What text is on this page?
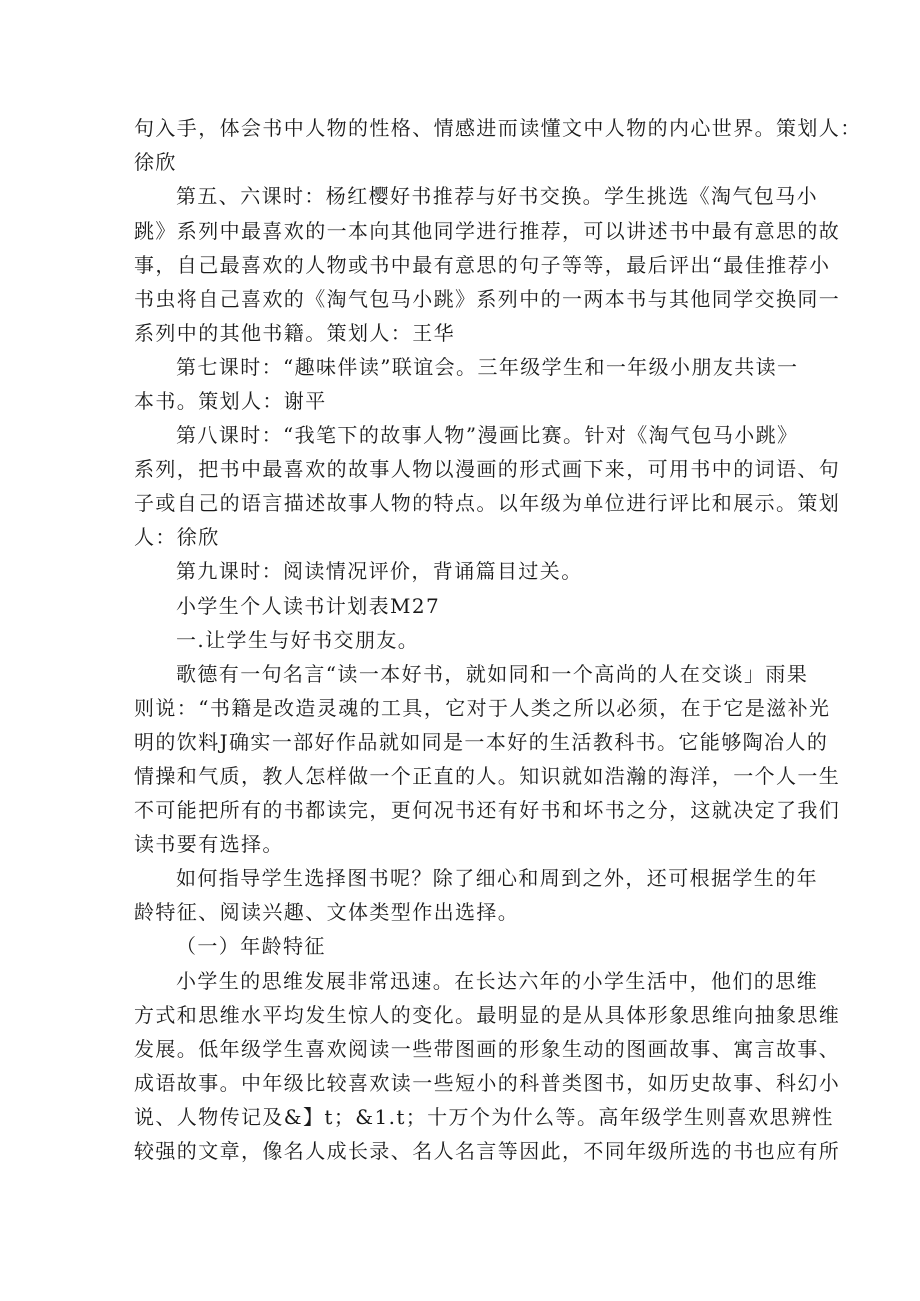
句入手，体会书中人物的性格、情感进而读懂文中人物的内心世界。策划人：
徐欣
第五、六课时：杨红樱好书推荐与好书交换。学生挑选《淘气包马小
跳》系列中最喜欢的一本向其他同学进行推荐，可以讲述书中最有意思的故
事，自己最喜欢的人物或书中最有意思的句子等等，最后评出“最佳推荐小
书虫将自己喜欢的《淘气包马小跳》系列中的一两本书与其他同学交换同一
系列中的其他书籍。策划人：王华
第七课时：“趣味伴读”联谊会。三年级学生和一年级小朋友共读一
本书。策划人：谢平
第八课时：“我笔下的故事人物”漫画比赛。针对《淘气包马小跳》
系列，把书中最喜欢的故事人物以漫画的形式画下来，可用书中的词语、句
子或自己的语言描述故事人物的特点。以年级为单位进行评比和展示。策划
人：徐欣
第九课时：阅读情况评价，背诵篇目过关。
小学生个人读书计划表M27
一.让学生与好书交朋友。
歌德有一句名言“读一本好书，就如同和一个高尚的人在交谈」雨果
则说：“书籍是改造灵魂的工具，它对于人类之所以必须，在于它是滋补光
明的饮料J确实一部好作品就如同是一本好的生活教科书。它能够陶冶人的
情操和气质，教人怎样做一个正直的人。知识就如浩瀚的海洋，一个人一生
不可能把所有的书都读完，更何况书还有好书和坏书之分，这就决定了我们
读书要有选择。
如何指导学生选择图书呢？除了细心和周到之外，还可根据学生的年
龄特征、阅读兴趣、文体类型作出选择。
（一）年龄特征
小学生的思维发展非常迅速。在长达六年的小学生活中，他们的思维
方式和思维水平均发生惊人的变化。最明显的是从具体形象思维向抽象思维
发展。低年级学生喜欢阅读一些带图画的形象生动的图画故事、寓言故事、
成语故事。中年级比较喜欢读一些短小的科普类图书，如历史故事、科幻小
说、人物传记及&】t；&1.t；十万个为什么等。高年级学生则喜欢思辨性
较强的文章，像名人成长录、名人名言等因此，不同年级所选的书也应有所
